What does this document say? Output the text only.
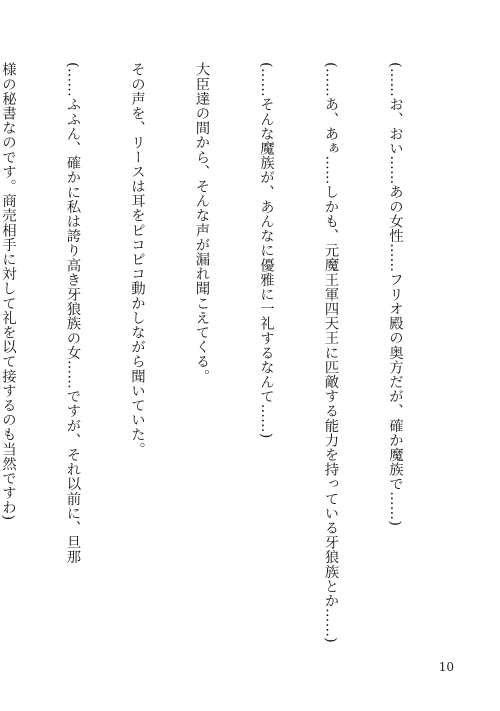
(……お、おい……あの女性……フリオ殿の奥方だが、確か魔族で……)

(……あ、あぁ……しかも、元魔王軍四天王に匹敵する能力を持っている牙狼族とか……)

(……そんな魔族が、あんなに優雅に一礼するなんて……)

大臣達の間から、そんな声が漏れ聞こえてくる。

その声を、リースは耳をピコピコ動かしながら聞いていた。

(……ふふん、確かに私は誇り高き牙狼族の女……ですが、それ以前に、旦那

様の秘書なのです。商売相手に対して礼を以て接するのも当然ですわ)

10
